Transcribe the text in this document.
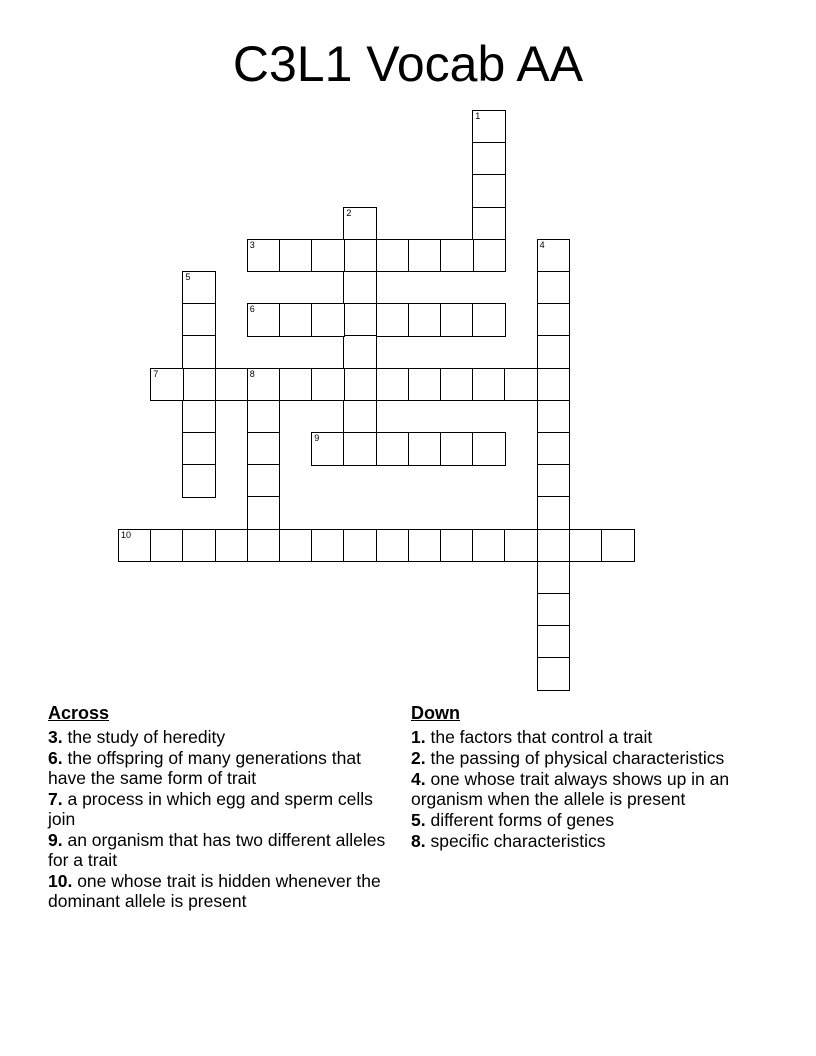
C3L1 Vocab AA
1
2
3	4
5
6
7	8
9
10
Across
3. the study of heredity
6. the offspring of many generations that have the same form of trait
7. a process in which egg and sperm cells join
9. an organism that has two different alleles for a trait
10. one whose trait is hidden whenever the dominant allele is present
Down
1. the factors that control a trait
2. the passing of physical characteristics
4. one whose trait always shows up in an organism when the allele is present
5. different forms of genes
8. specific characteristics
